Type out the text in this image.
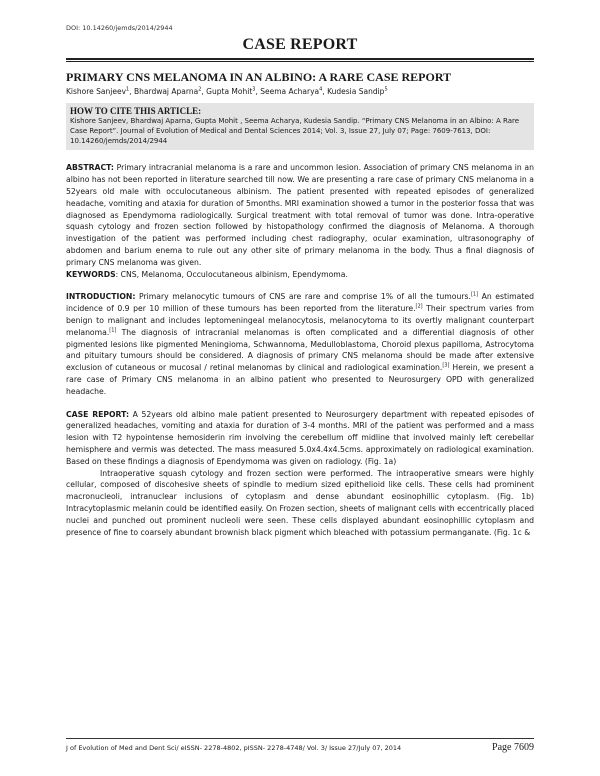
DOI: 10.14260/jemds/2014/2944
CASE REPORT
PRIMARY CNS MELANOMA IN AN ALBINO: A RARE CASE REPORT
Kishore Sanjeev$^1$, Bhardwaj Aparna$^2$, Gupta Mohit$^3$, Seema Acharya$^4$, Kudesia Sandip$^5$
HOW TO CITE THIS ARTICLE:
Kishore Sanjeev, Bhardwaj Aparna, Gupta Mohit , Seema Acharya, Kudesia Sandip. “Primary CNS Melanoma in an Albino: A Rare Case Report”. Journal of Evolution of Medical and Dental Sciences 2014; Vol. 3, Issue 27, July 07; Page: 7609-7613, DOI: 10.14260/jemds/2014/2944

ABSTRACT: Primary intracranial melanoma is a rare and uncommon lesion. Association of primary CNS melanoma in an albino has not been reported in literature searched till now. We are presenting a rare case of primary CNS melanoma in a 52years old male with occulocutaneous albinism. The patient presented with repeated episodes of generalized headache, vomiting and ataxia for duration of 5months. MRI examination showed a tumor in the posterior fossa that was diagnosed as Ependymoma radiologically. Surgical treatment with total removal of tumor was done. Intra-operative squash cytology and frozen section followed by histopathology confirmed the diagnosis of Melanoma. A thorough investigation of the patient was performed including chest radiography, ocular examination, ultrasonography of abdomen and barium enema to rule out any other site of primary melanoma in the body. Thus a final diagnosis of primary CNS melanoma was given.

KEYWORDS: CNS, Melanoma, Occulocutaneous albinism, Ependymoma.

INTRODUCTION: Primary melanocytic tumours of CNS are rare and comprise 1% of all the tumours.[1] An estimated incidence of 0.9 per 10 million of these tumours has been reported from the literature.[2] Their spectrum varies from benign to malignant and includes leptomeningeal melanocytosis, melanocytoma to its overtly malignant counterpart melanoma.[1] The diagnosis of intracranial melanomas is often complicated and a differential diagnosis of other pigmented lesions like pigmented Meningioma, Schwannoma, Medulloblastoma, Choroid plexus papilloma, Astrocytoma and pituitary tumours should be considered. A diagnosis of primary CNS melanoma should be made after extensive exclusion of cutaneous or mucosal / retinal melanomas by clinical and radiological examination.[3] Herein, we present a rare case of Primary CNS melanoma in an albino patient who presented to Neurosurgery OPD with generalized headache.

CASE REPORT: A 52years old albino male patient presented to Neurosurgery department with repeated episodes of generalized headaches, vomiting and ataxia for duration of 3-4 months. MRI of the patient was performed and a mass lesion with T2 hypointense hemosiderin rim involving the cerebellum off midline that involved mainly left cerebellar hemisphere and vermis was detected. The mass measured 5.0x4.4x4.5cms. approximately on radiological examination. Based on these findings a diagnosis of Ependymoma was given on radiology. (Fig. 1a)

Intraoperative squash cytology and frozen section were performed. The intraoperative smears were highly cellular, composed of discohesive sheets of spindle to medium sized epithelioid like cells. These cells had prominent macronucleoli, intranuclear inclusions of cytoplasm and dense abundant eosinophillic cytoplasm. (Fig. 1b) Intracytoplasmic melanin could be identified easily. On Frozen section, sheets of malignant cells with eccentrically placed nuclei and punched out prominent nucleoli were seen. These cells displayed abundant eosinophillic cytoplasm and presence of fine to coarsely abundant brownish black pigment which bleached with potassium permanganate. (Fig. 1c &

J of Evolution of Med and Dent Sci/ eISSN- 2278-4802, pISSN- 2278-4748/ Vol. 3/ Issue 27/July 07, 2014	Page 7609
